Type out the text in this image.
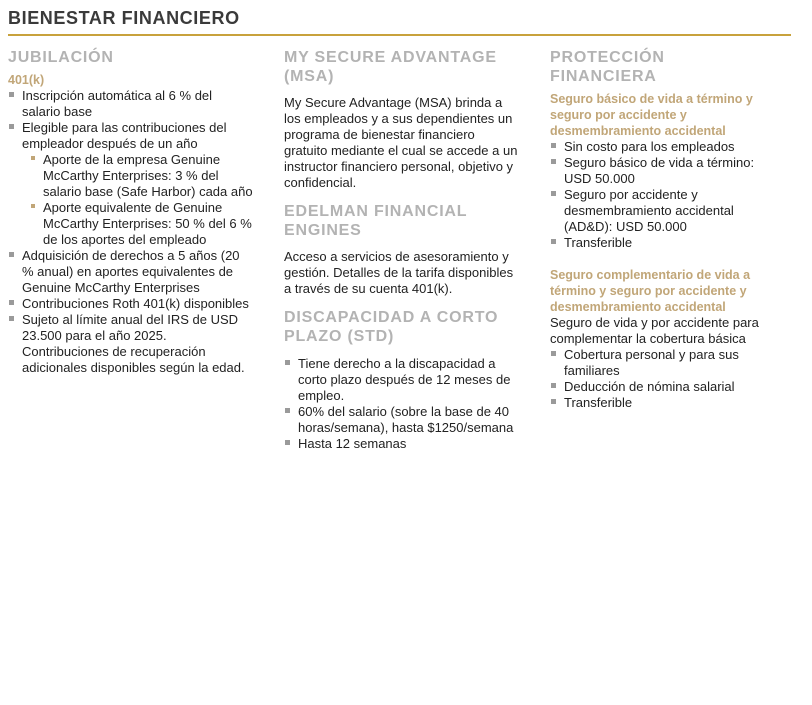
BIENESTAR FINANCIERO
JUBILACIÓN
401(k)
Inscripción automática al 6 % del salario base
Elegible para las contribuciones del empleador después de un año
Aporte de la empresa Genuine McCarthy Enterprises: 3 % del salario base (Safe Harbor) cada año
Aporte equivalente de Genuine McCarthy Enterprises: 50 % del 6 % de los aportes del empleado
Adquisición de derechos a 5 años (20 % anual) en aportes equivalentes de Genuine McCarthy Enterprises
Contribuciones Roth 401(k) disponibles
Sujeto al límite anual del IRS de USD 23.500 para el año 2025. Contribuciones de recuperación adicionales disponibles según la edad.
MY SECURE ADVANTAGE (MSA)

My Secure Advantage (MSA) brinda a los empleados y a sus dependientes un programa de bienestar financiero gratuito mediante el cual se accede a un instructor financiero personal, objetivo y confidencial.

EDELMAN FINANCIAL ENGINES

Acceso a servicios de asesoramiento y gestión. Detalles de la tarifa disponibles a través de su cuenta 401(k).

DISCAPACIDAD A CORTO PLAZO (STD)
Tiene derecho a la discapacidad a corto plazo después de 12 meses de empleo.
60% del salario (sobre la base de 40 horas/semana), hasta $1250/semana
Hasta 12 semanas
PROTECCIÓN FINANCIERA
Seguro básico de vida a término y seguro por accidente y desmembramiento accidental
Sin costo para los empleados
Seguro básico de vida a término: USD 50.000
Seguro por accidente y desmembramiento accidental (AD&D): USD 50.000
Transferible
Seguro complementario de vida a término y seguro por accidente y desmembramiento accidental

Seguro de vida y por accidente para complementar la cobertura básica

Cobertura personal y para sus familiares
Deducción de nómina salarial
Transferible
